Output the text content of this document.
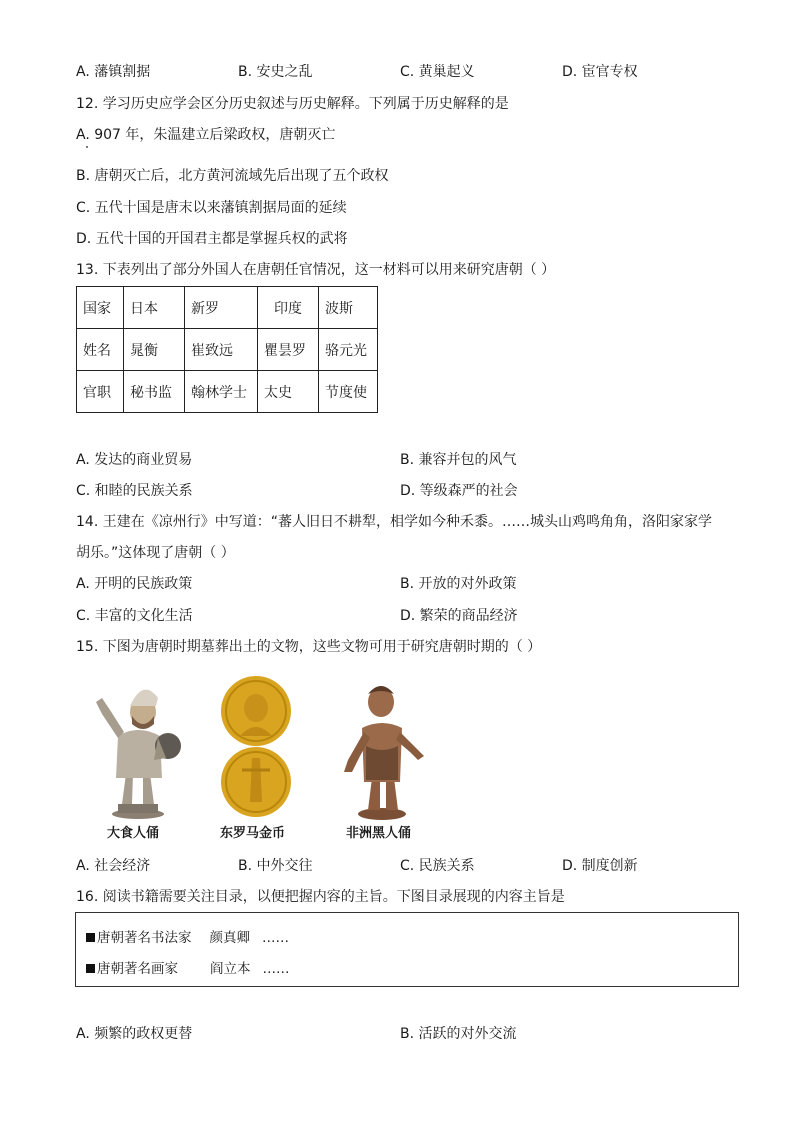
A. 藩镇割据	B. 安史之乱	C. 黄巢起义	D. 宦官专权
12. 学习历史应学会区分历史叙述与历史解释。下列属于历史解释的是
A. 907 年，朱温建立后梁政权，唐朝灭亡
B. 唐朝灭亡后，北方黄河流域先后出现了五个政权
C. 五代十国是唐末以来藩镇割据局面的延续
D. 五代十国的开国君主都是掌握兵权的武将
13. 下表列出了部分外国人在唐朝任官情况，这一材料可以用来研究唐朝（ ）
国家	日本	新罗	印度	波斯
姓名	晁衡	崔致远	瞿昙罗	骆元光
官职	秘书监	翰林学士	太史	节度使
A. 发达的商业贸易	B. 兼容并包的风气
C. 和睦的民族关系	D. 等级森严的社会
14. 王建在《凉州行》中写道：“蕃人旧日不耕犁，相学如今种禾黍。……城头山鸡鸣角角，洛阳家家学
胡乐。”这体现了唐朝（ ）
A. 开明的民族政策	B. 开放的对外政策
C. 丰富的文化生活	D. 繁荣的商品经济
15. 下图为唐朝时期墓葬出土的文物，这些文物可用于研究唐朝时期的（ ）
大食人俑	东罗马金币	非洲黑人俑
A. 社会经济	B. 中外交往	C. 民族关系	D. 制度创新
16. 阅读书籍需要关注目录，以便把握内容的主旨。下图目录展现的内容主旨是
唐朝著名书法家 颜真卿 ……
唐朝著名画家 阎立本 ……
A. 频繁的政权更替	B. 活跃的对外交流
